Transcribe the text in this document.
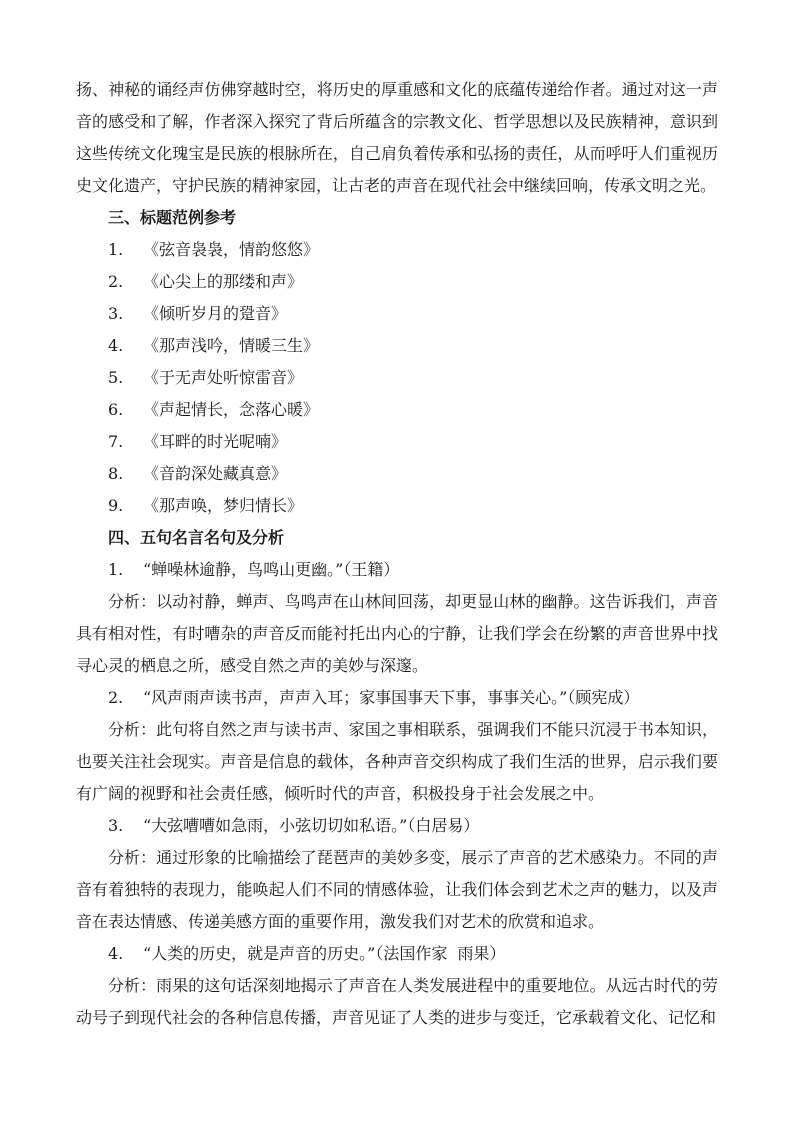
扬、神秘的诵经声仿佛穿越时空，将历史的厚重感和文化的底蕴传递给作者。通过对这一声音的感受和了解，作者深入探究了背后所蕴含的宗教文化、哲学思想以及民族精神，意识到这些传统文化瑰宝是民族的根脉所在，自己肩负着传承和弘扬的责任，从而呼吁人们重视历史文化遗产，守护民族的精神家园，让古老的声音在现代社会中继续回响，传承文明之光。

三、标题范例参考

1.	《弦音袅袅，情韵悠悠》
2.	《心尖上的那缕和声》
3.	《倾听岁月的跫音》
4.	《那声浅吟，情暖三生》
5.	《于无声处听惊雷音》
6.	《声起情长，念落心暖》
7.	《耳畔的时光呢喃》
8.	《音韵深处藏真意》
9.	《那声唤，梦归情长》

四、五句名言名句及分析

1.	“蝉噪林逾静，鸟鸣山更幽。”（王籍）

分析：以动衬静，蝉声、鸟鸣声在山林间回荡，却更显山林的幽静。这告诉我们，声音具有相对性，有时嘈杂的声音反而能衬托出内心的宁静，让我们学会在纷繁的声音世界中找寻心灵的栖息之所，感受自然之声的美妙与深邃。

2.	“风声雨声读书声，声声入耳；家事国事天下事，事事关心。”（顾宪成）

分析：此句将自然之声与读书声、家国之事相联系，强调我们不能只沉浸于书本知识，也要关注社会现实。声音是信息的载体，各种声音交织构成了我们生活的世界，启示我们要有广阔的视野和社会责任感，倾听时代的声音，积极投身于社会发展之中。

3.	“大弦嘈嘈如急雨，小弦切切如私语。”（白居易）

分析：通过形象的比喻描绘了琵琶声的美妙多变，展示了声音的艺术感染力。不同的声音有着独特的表现力，能唤起人们不同的情感体验，让我们体会到艺术之声的魅力，以及声音在表达情感、传递美感方面的重要作用，激发我们对艺术的欣赏和追求。

4.	“人类的历史，就是声音的历史。”（法国作家  雨果）

分析：雨果的这句话深刻地揭示了声音在人类发展进程中的重要地位。从远古时代的劳动号子到现代社会的各种信息传播，声音见证了人类的进步与变迁，它承载着文化、记忆和
